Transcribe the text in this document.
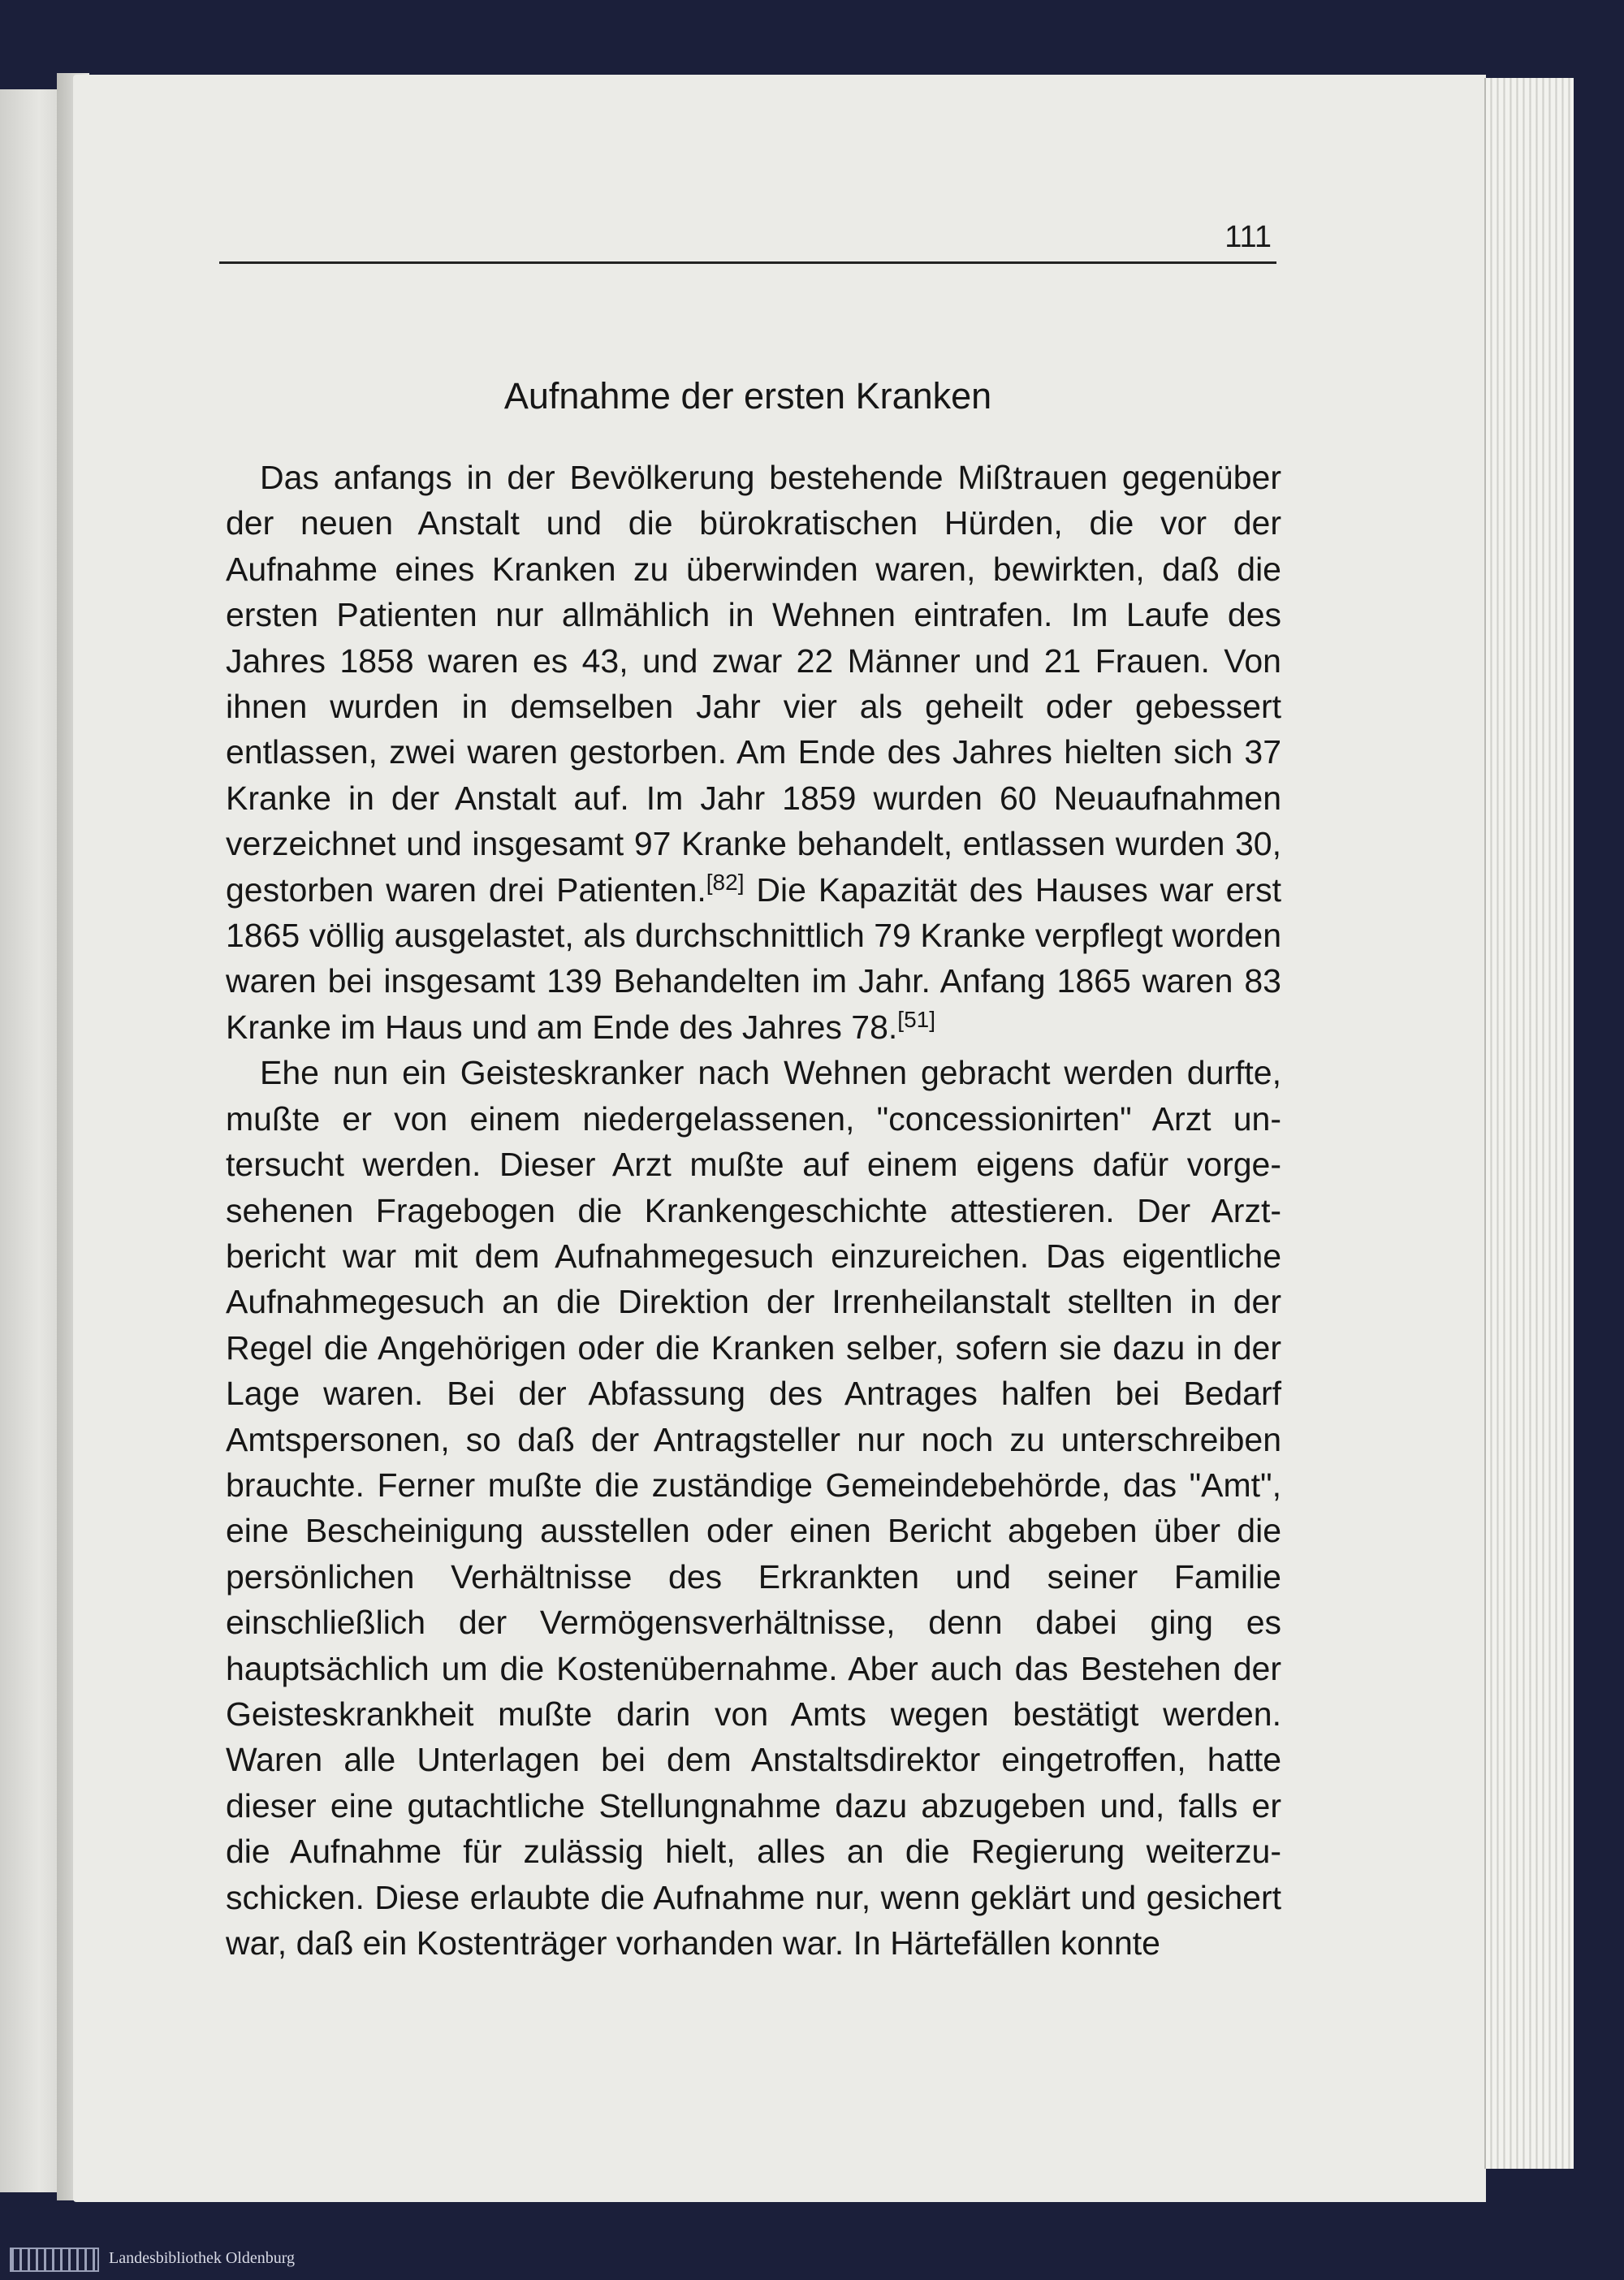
111
Aufnahme der ersten Kranken

Das anfangs in der Bevölkerung bestehende Mißtrauen gegenüber der neuen Anstalt und die bürokratischen Hürden, die vor der Aufnahme eines Kranken zu überwinden waren, bewirkten, daß die ersten Patienten nur allmählich in Wehnen eintrafen. Im Laufe des Jahres 1858 waren es 43, und zwar 22 Männer und 21 Frauen. Von ihnen wurden in demselben Jahr vier als geheilt oder gebessert entlassen, zwei waren gestorben. Am Ende des Jahres hielten sich 37 Kranke in der Anstalt auf. Im Jahr 1859 wurden 60 Neuaufnahmen verzeichnet und insgesamt 97 Kranke behandelt, entlassen wurden 30, gestorben waren drei Patienten.[82] Die Kapazität des Hauses war erst 1865 völlig ausgelastet, als durchschnittlich 79 Kranke verpflegt worden waren bei insgesamt 139 Behandelten im Jahr. Anfang 1865 waren 83 Kranke im Haus und am Ende des Jahres 78.[51]

Ehe nun ein Geisteskranker nach Wehnen gebracht werden durfte, mußte er von einem niedergelassenen, "concessionirten" Arzt untersucht werden. Dieser Arzt mußte auf einem eigens dafür vorgesehenen Fragebogen die Krankengeschichte attestieren. Der Arztbericht war mit dem Aufnahmegesuch einzureichen. Das eigentliche Aufnahmegesuch an die Direktion der Irrenheilanstalt stellten in der Regel die Angehörigen oder die Kranken selber, sofern sie dazu in der Lage waren. Bei der Abfassung des Antrages halfen bei Bedarf Amtspersonen, so daß der Antragsteller nur noch zu unterschreiben brauchte. Ferner mußte die zuständige Gemeindebehörde, das "Amt", eine Bescheinigung ausstellen oder einen Bericht abgeben über die persönlichen Verhältnisse des Erkrankten und seiner Familie einschließlich der Vermögensverhältnisse, denn dabei ging es hauptsächlich um die Kostenübernahme. Aber auch das Bestehen der Geisteskrankheit mußte darin von Amts wegen bestätigt werden. Waren alle Unterlagen bei dem Anstaltsdirektor eingetroffen, hatte dieser eine gutachtliche Stellungnahme dazu abzugeben und, falls er die Aufnahme für zulässig hielt, alles an die Regierung weiterzuschicken. Diese erlaubte die Aufnahme nur, wenn geklärt und gesichert war, daß ein Kostenträger vorhanden war. In Härtefällen konnte

Landesbibliothek Oldenburg
